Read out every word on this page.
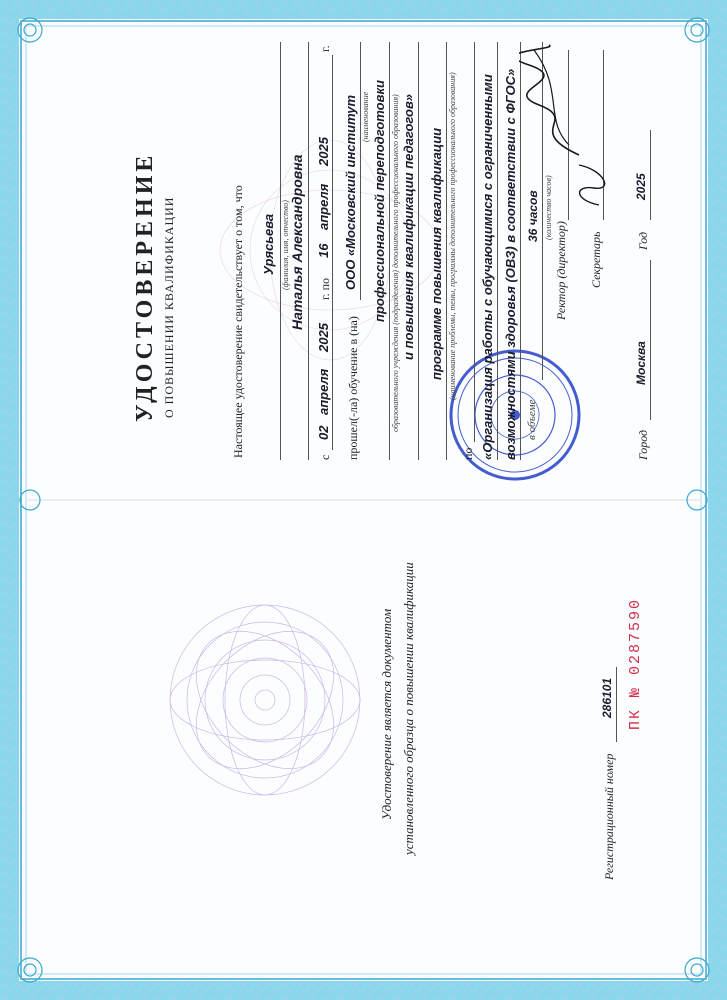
Удостоверение является документом установленного образца о повышении квалификации	Регистрационный номер
286101 ПК № 0287590
УДОСТОВЕРЕНИЕ О ПОВЫШЕНИИ КВАЛИФИКАЦИИ	Настоящее удостоверение свидетельствует о том, что Урясьева (фамилия, имя, отчество) Наталья Александровна
с
02
апреля
2025
г. по
16
апреля
2025
г.
прошел(-ла) обучение в (на)
ООО «Московский институт (наименование профессиональной переподготовки образовательного учреждения (подразделения) дополнительного профессионального образования) и повышения квалификации педагогов» программе повышения квалификации (наименование проблемы, темы, программы дополнительного профессионального образования)
по «Организация работы с обучающимися с ограниченными возможностями здоровья (ОВЗ) в соответствии с ФГОС» в объеме
36 часов (количество часов)
Ректор (директор) Секретарь
Город
Москва
Год
2025
